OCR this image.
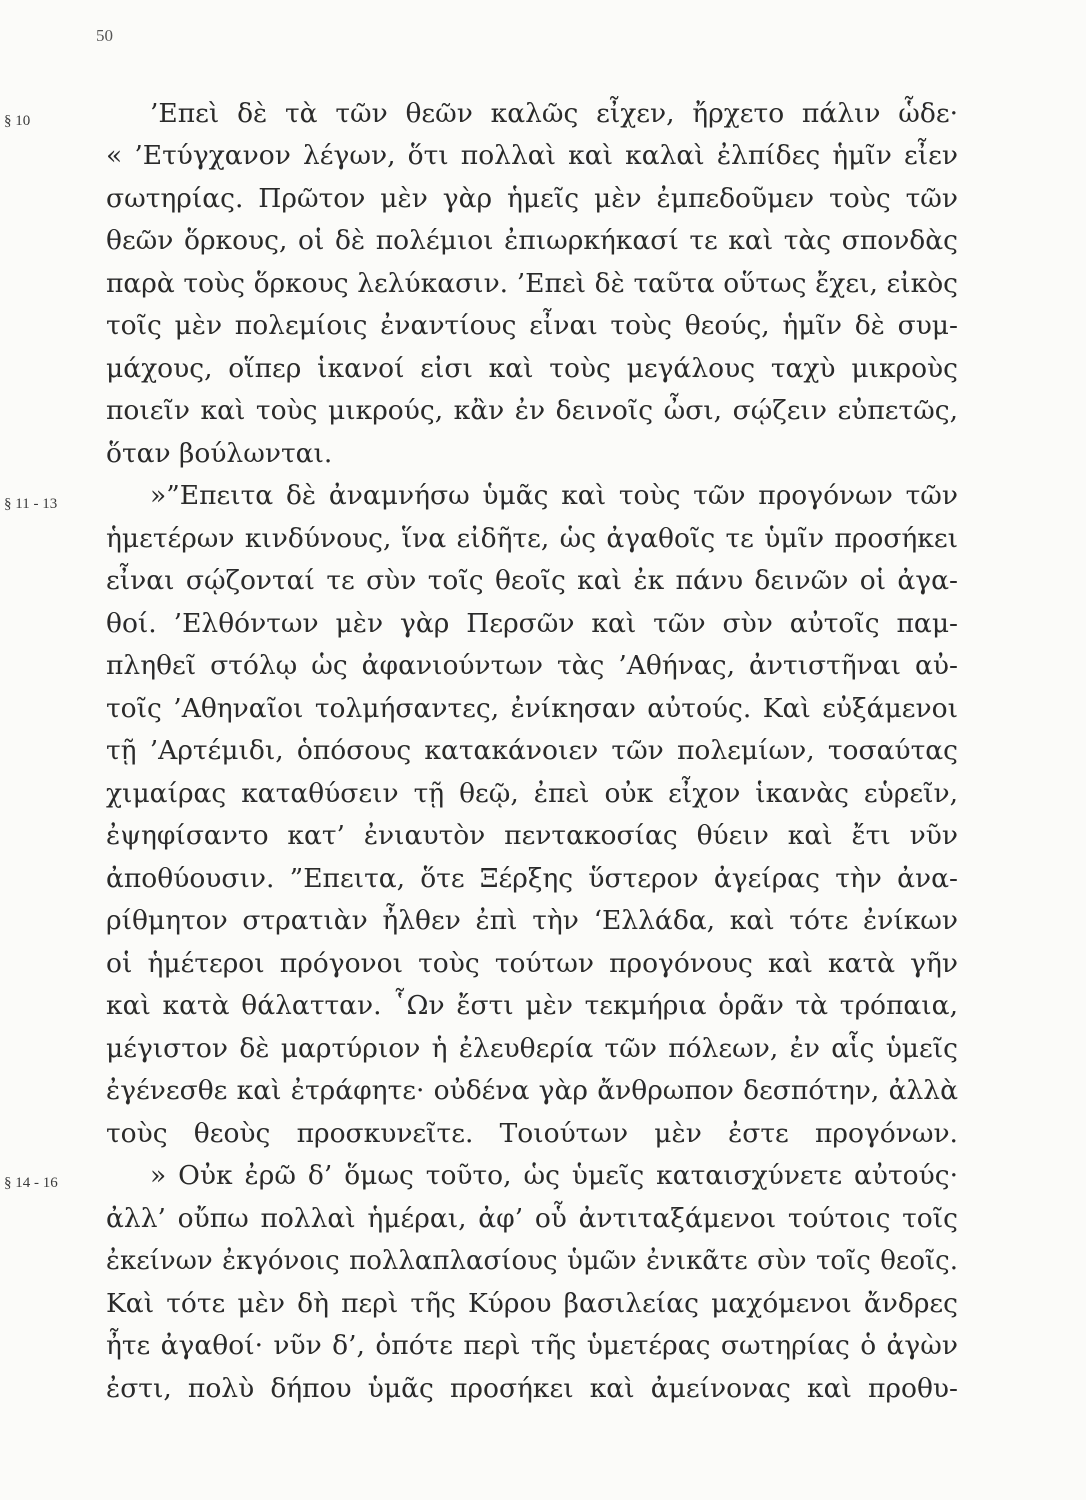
50
§ 10	’Επεὶ δὲ τὰ τῶν θεῶν καλῶς εἶχεν, ἤρχετο πάλιν ὧδε·
« ’Ετύγχανον λέγων, ὅτι πολλαὶ καὶ καλαὶ ἐλπίδες ἡμῖν εἶεν
σωτηρίας. Πρῶτον μὲν γὰρ ἡμεῖς μὲν ἐμπεδοῦμεν τοὺς τῶν
θεῶν ὅρκους, οἱ δὲ πολέμιοι ἐπιωρκήκασί τε καὶ τὰς σπονδὰς
παρὰ τοὺς ὅρκους λελύκασιν. ’Επεὶ δὲ ταῦτα οὕτως ἔχει, εἰκὸς
τοῖς μὲν πολεμίοις ἐναντίους εἶναι τοὺς θεούς, ἡμῖν δὲ συμ-
μάχους, οἵπερ ἱκανοί εἰσι καὶ τοὺς μεγάλους ταχὺ μικροὺς
ποιεῖν καὶ τοὺς μικρούς, κἂν ἐν δεινοῖς ὦσι, σῴζειν εὐπετῶς,
ὅταν βούλωνται.
§ 11 - 13	»”Επειτα δὲ ἀναμνήσω ὑμᾶς καὶ τοὺς τῶν προγόνων τῶν
ἡμετέρων κινδύνους, ἵνα εἰδῆτε, ὡς ἀγαθοῖς τε ὑμῖν προσήκει
εἶναι σῴζονταί τε σὺν τοῖς θεοῖς καὶ ἐκ πάνυ δεινῶν οἱ ἀγα-
θοί. ’Ελθόντων μὲν γὰρ Περσῶν καὶ τῶν σὺν αὐτοῖς παμ-
πληθεῖ στόλῳ ὡς ἀφανιούντων τὰς ’Αθήνας, ἀντιστῆναι αὐ-
τοῖς ’Αθηναῖοι τολμήσαντες, ἐνίκησαν αὐτούς. Καὶ εὐξάμενοι
τῇ ’Αρτέμιδι, ὁπόσους κατακάνοιεν τῶν πολεμίων, τοσαύτας
χιμαίρας καταθύσειν τῇ θεῷ, ἐπεὶ οὐκ εἶχον ἱκανὰς εὑρεῖν,
ἐψηφίσαντο κατ’ ἐνιαυτὸν πεντακοσίας θύειν καὶ ἔτι νῦν
ἀποθύουσιν. ”Επειτα, ὅτε Ξέρξης ὕστερον ἀγείρας τὴν ἀνα-
ρίθμητον στρατιὰν ἦλθεν ἐπὶ τὴν ‘Ελλάδα, καὶ τότε ἐνίκων
οἱ ἡμέτεροι πρόγονοι τοὺς τούτων προγόνους καὶ κατὰ γῆν
καὶ κατὰ θάλατταν. ῟Ων ἔστι μὲν τεκμήρια ὁρᾶν τὰ τρόπαια,
μέγιστον δὲ μαρτύριον ἡ ἐλευθερία τῶν πόλεων, ἐν αἷς ὑμεῖς
ἐγένεσθε καὶ ἐτράφητε· οὐδένα γὰρ ἄνθρωπον δεσπότην, ἀλλὰ
τοὺς θεοὺς προσκυνεῖτε. Τοιούτων μὲν ἐστε προγόνων.
§ 14 - 16	» Οὐκ ἐρῶ δ’ ὅμως τοῦτο, ὡς ὑμεῖς καταισχύνετε αὐτούς·
ἀλλ’ οὔπω πολλαὶ ἡμέραι, ἀφ’ οὗ ἀντιταξάμενοι τούτοις τοῖς
ἐκείνων ἐκγόνοις πολλαπλασίους ὑμῶν ἐνικᾶτε σὺν τοῖς θεοῖς.
Καὶ τότε μὲν δὴ περὶ τῆς Κύρου βασιλείας μαχόμενοι ἄνδρες
ἦτε ἀγαθοί· νῦν δ’, ὁπότε περὶ τῆς ὑμετέρας σωτηρίας ὁ ἀγὼν
ἐστι, πολὺ δήπου ὑμᾶς προσήκει καὶ ἀμείνονας καὶ προθυ-
